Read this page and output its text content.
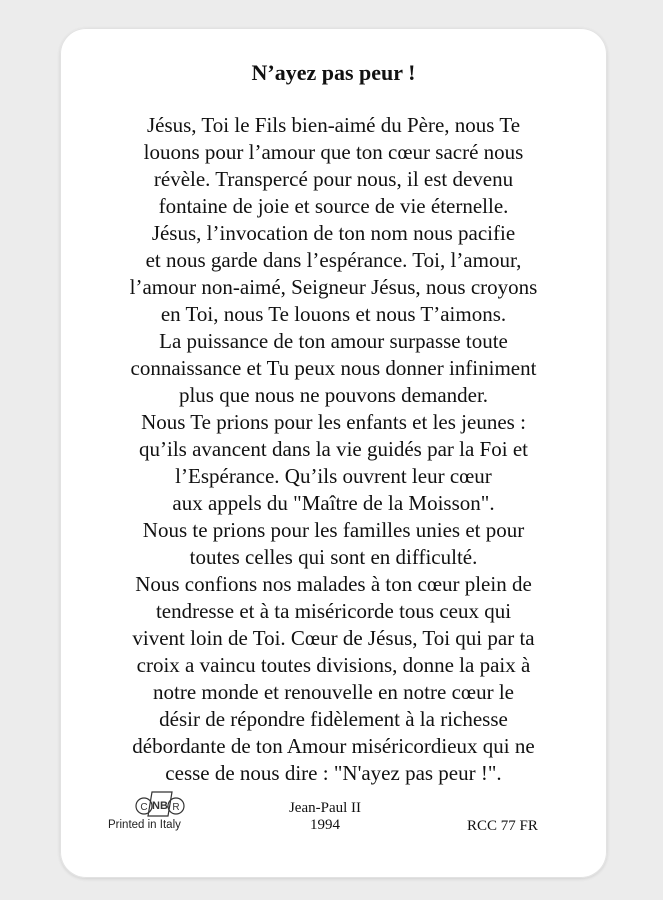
N’ayez pas peur !
Jésus, Toi le Fils bien-aimé du Père, nous Te
louons pour l’amour que ton cœur sacré nous
révèle. Transpercé pour nous, il est devenu
fontaine de joie et source de vie éternelle.
Jésus, l’invocation de ton nom nous pacifie
et nous garde dans l’espérance. Toi, l’amour,
l’amour non-aimé, Seigneur Jésus, nous croyons
en Toi, nous Te louons et nous T’aimons.
La puissance de ton amour surpasse toute
connaissance et Tu peux nous donner infiniment
plus que nous ne pouvons demander.
Nous Te prions pour les enfants et les jeunes :
qu’ils avancent dans la vie guidés par la Foi et
l’Espérance. Qu’ils ouvrent leur cœur
aux appels du "Maître de la Moisson".
Nous te prions pour les familles unies et pour
toutes celles qui sont en difficulté.
Nous confions nos malades à ton cœur plein de
tendresse et à ta miséricorde tous ceux qui
vivent loin de Toi. Cœur de Jésus, Toi qui par ta
croix a vaincu toutes divisions, donne la paix à
notre monde et renouvelle en notre cœur le
désir de répondre fidèlement à la richesse
débordante de ton Amour miséricordieux qui ne
cesse de nous dire : "N'ayez pas peur !".
C NB R
Printed in Italy
Jean-Paul II
1994	RCC 77 FR
